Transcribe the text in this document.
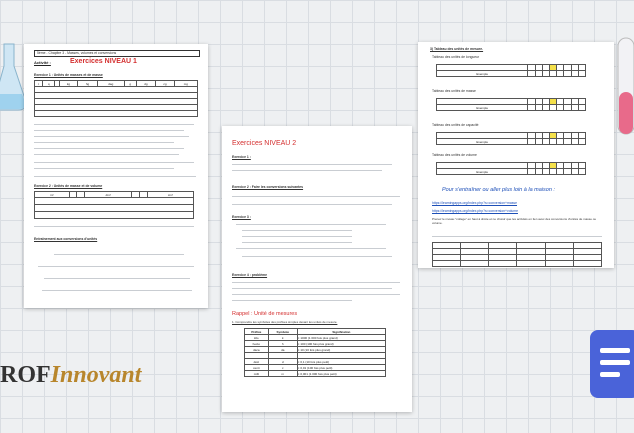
5ème - Chapitre 3 - Masses, volumes et conversions
Activité :	Exercices NIVEAU 1
Exercice 1 : Unités de masses et de masse
t	q		kg	hg	dag	g	dg	cg	mg

Exercice 2 : Unités de masse et de volume
m³			dm³			cm³

Entraînement aux conversions d'unités
Exercices NIVEAU 2
Exercice 1 :
Exercice 2 : Faire les conversions suivantes
Exercice 3 :
Exercice 4 : problème
Rappel : Unité de mesures
1. Comprendre les symboles des préfixes simples devant les unités de mesure.
Préfixe	Symbole	Signification
kilo	k	× 1000 (1 000 fois plus grand)
hecto	h	× 100 (100 fois plus grand)
déca	da	× 10 (10 fois plus grand)

déci	d	× 0,1 (10 fois plus petit)
centi	c	× 0,01 (100 fois plus petit)
milli	m	× 0,001 (1 000 fois plus petit)
3) Tableau des unités de mesure.
Tableau des unités de longueur

Exemple								
Tableau des unités de masse

Exemple								
Tableau des unités de capacité

Exemple								
Tableau des unités de volume

Exemple								
Pour s'entraîner ou aller plus loin à la maison :
https://learningapps.org/index.php?s=conversion+masse
https://learningapps.org/index.php?s=conversion+volume
Prenez le niveau "college" en haut à droite et ne choisir que les activités en lien avec des conversions d'unités de masse ou volume.

ROFInnovant
